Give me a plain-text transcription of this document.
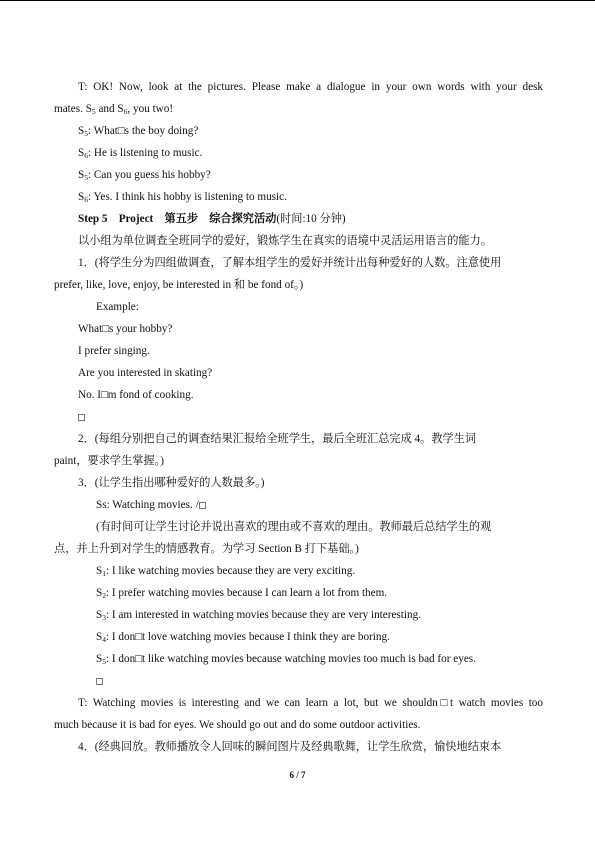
T: OK! Now, look at the pictures. Please make a dialogue in your own words with your desk
mates. $S_5$ and $S_6$, you two!
$S_5$: What□s the boy doing?
$S_6$: He is listening to music.
$S_5$: Can you guess his hobby?
$S_6$: Yes. I think his hobby is listening to music.
Step 5　Project　第五步　综合探究活动(时间:10 分钟)
以小组为单位调查全班同学的爱好，锻炼学生在真实的语境中灵活运用语言的能力。
1．(将学生分为四组做调查，了解本组学生的爱好并统计出每种爱好的人数。注意使用
prefer, like, love, enjoy, be interested in 和 be fond of。)
Example:
What□s your hobby?
I prefer singing.
Are you interested in skating?
No. I□m fond of cooking.
2．(每组分别把自己的调查结果汇报给全班学生，最后全班汇总完成 4。教学生词
paint，要求学生掌握。)
3．(让学生指出哪种爱好的人数最多。)
Ss: Watching movies. /
(有时间可让学生讨论并说出喜欢的理由或不喜欢的理由。教师最后总结学生的观
点，并上升到对学生的情感教育。为学习 Section B 打下基础。)
$S_1$: I like watching movies because they are very exciting.
$S_2$: I prefer watching movies because I can learn a lot from them.
$S_3$: I am interested in watching movies because they are very interesting.
$S_4$: I don□t love watching movies because I think they are boring.
$S_5$: I don□t like watching movies because watching movies too much is bad for eyes.
T: Watching movies is interesting and we can learn a lot, but we shouldn□t watch movies too
much because it is bad for eyes. We should go out and do some outdoor activities.
4．(经典回放。教师播放令人回味的瞬间图片及经典歌舞，让学生欣赏，愉快地结束本
6 / 7
